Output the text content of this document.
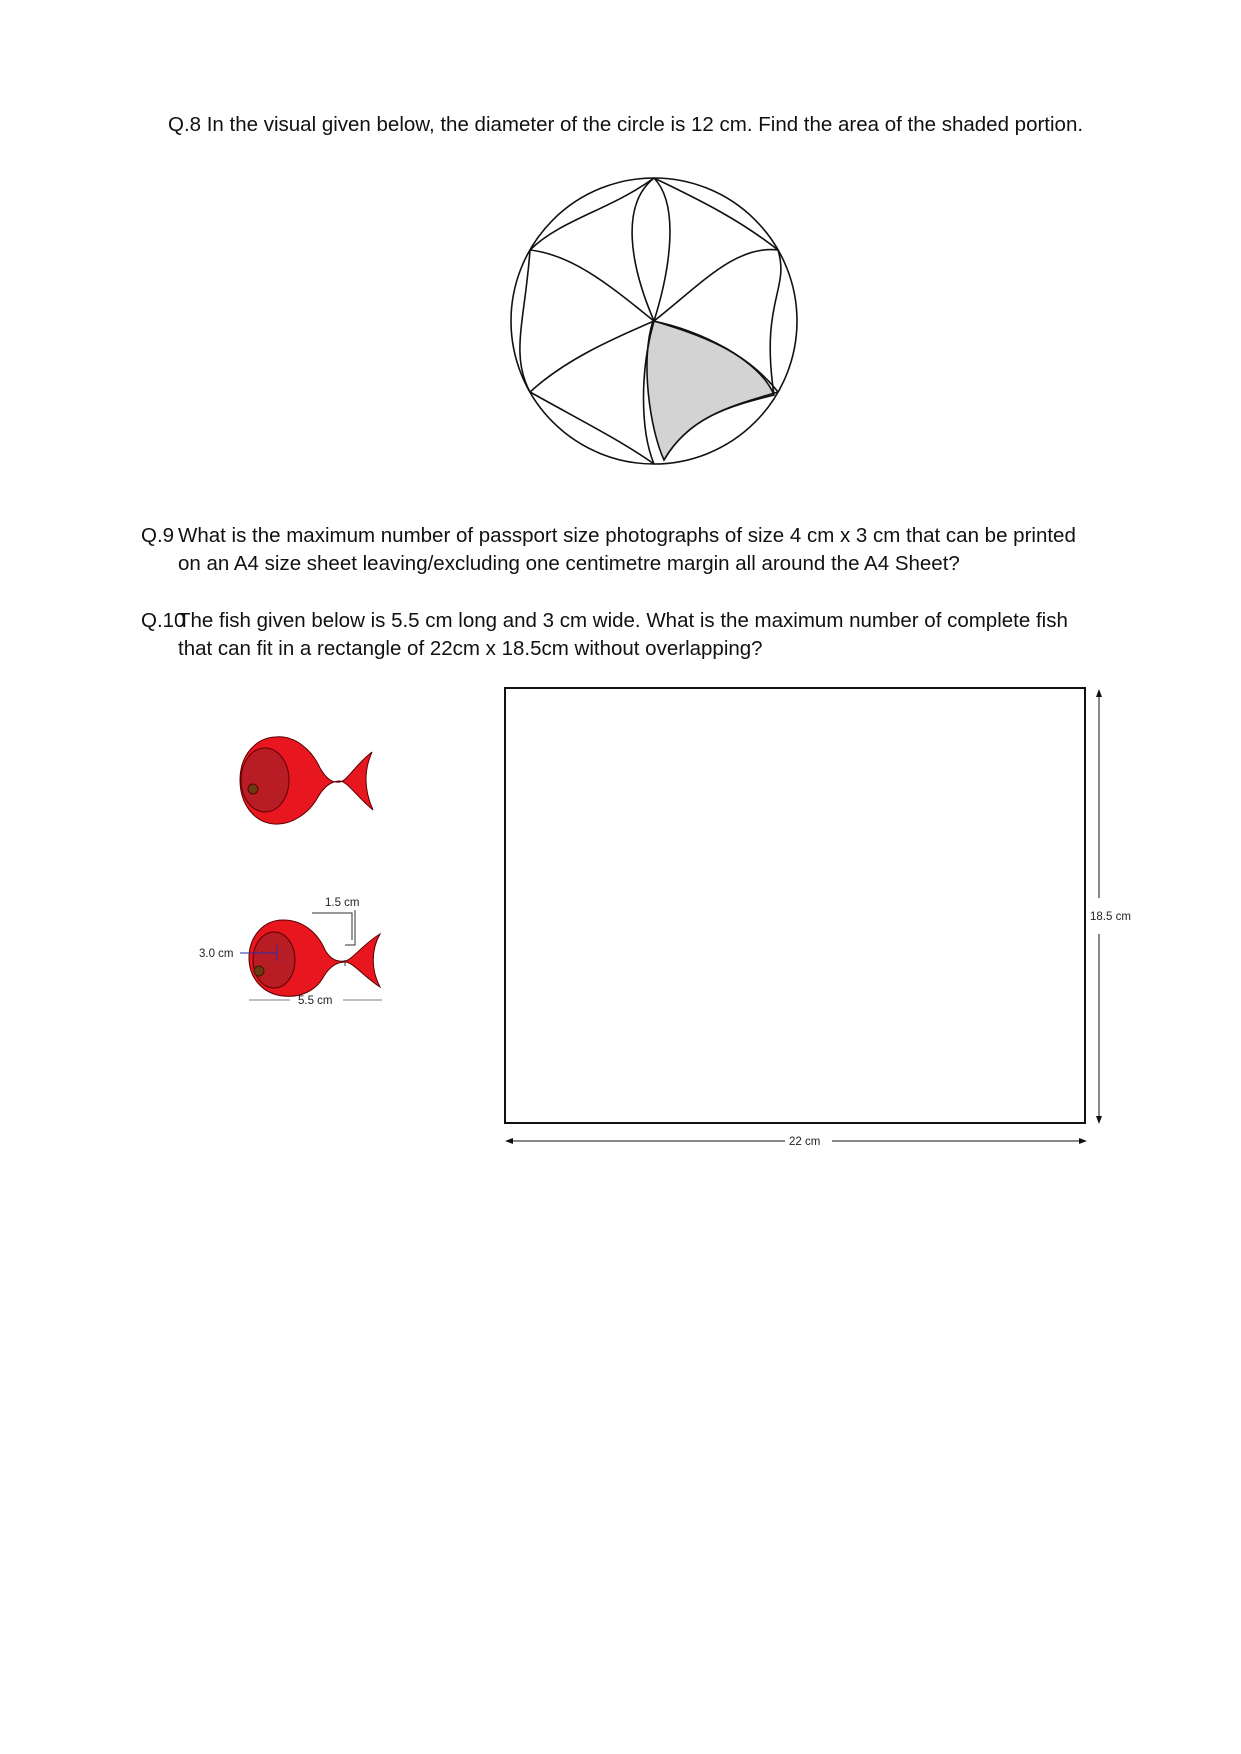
Q.8 In the visual given below, the diameter of the circle is 12 cm. Find the area of the shaded portion.
Q.9 What is the maximum number of passport size photographs of size 4 cm x 3 cm that can be printed
on an A4 size sheet leaving/excluding one centimetre margin all around the A4 Sheet?
Q.10
The fish given below is 5.5 cm long and 3 cm wide. What is the maximum number of complete fish
that can fit in a rectangle of 22cm x 18.5cm without overlapping?
3.0 cm
5.5 cm
1.5 cm
22 cm
18.5 cm
